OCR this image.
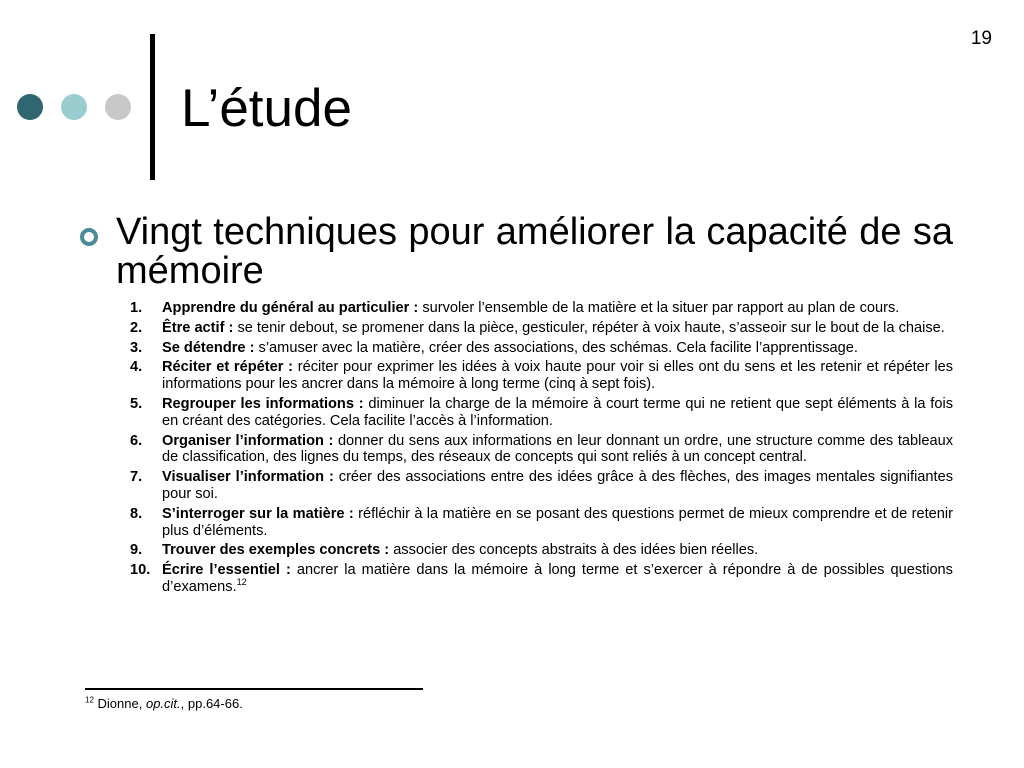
19
L’étude
Vingt techniques pour améliorer la capacité de sa mémoire
1.	Apprendre du général au particulier : survoler l’ensemble de la matière et la situer par rapport au plan de cours.
2.	Être actif : se tenir debout, se promener dans la pièce, gesticuler, répéter à voix haute, s’asseoir sur le bout de la chaise.
3.	Se détendre : s’amuser avec la matière, créer des associations, des schémas. Cela facilite l’apprentissage.
4.	Réciter et répéter : réciter pour exprimer les idées à voix haute pour voir si elles ont du sens et les retenir et répéter les informations pour les ancrer dans la mémoire à long terme (cinq à sept fois).
5.	Regrouper les informations : diminuer la charge de la mémoire à court terme qui ne retient que sept éléments à la fois en créant des catégories. Cela facilite l’accès à l’information.
6.	Organiser l’information : donner du sens aux informations en leur donnant un ordre, une structure comme des tableaux de classification, des lignes du temps, des réseaux de concepts qui sont reliés à un concept central.
7.	Visualiser l’information : créer des associations entre des idées grâce à des flèches, des images mentales signifiantes pour soi.
8.	S’interroger sur la matière : réfléchir à la matière en se posant des questions permet de mieux comprendre et de retenir plus d’éléments.
9.	Trouver des exemples concrets : associer des concepts abstraits à des idées bien réelles.
10. Écrire l’essentiel : ancrer la matière dans la mémoire à long terme et s’exercer à répondre à de possibles questions d’examens.$^{12}$
$^{12}$ Dionne, op.cit., pp.64-66.
